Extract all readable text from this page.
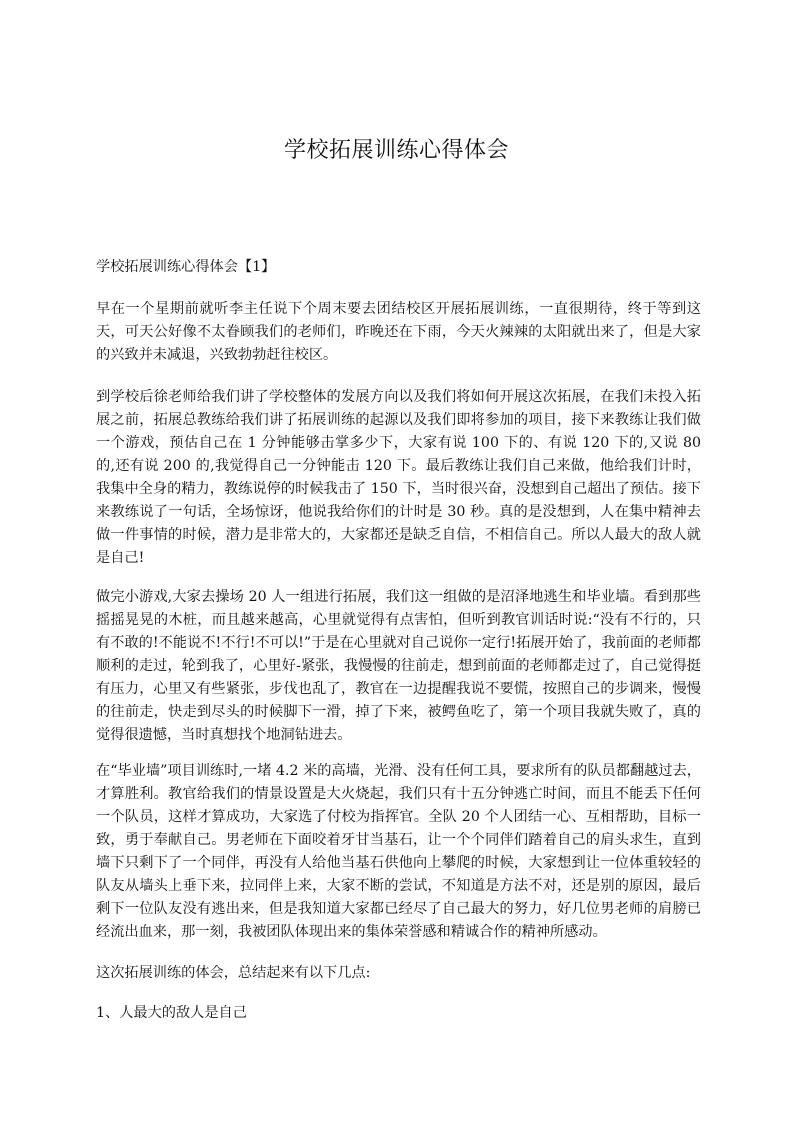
学校拓展训练心得体会

学校拓展训练心得体会【1】

早在一个星期前就听李主任说下个周末要去团结校区开展拓展训练，一直很期待，终于等到这天，可天公好像不太眷顾我们的老师们，昨晚还在下雨，今天火辣辣的太阳就出来了，但是大家的兴致并未减退，兴致勃勃赶往校区。

到学校后徐老师给我们讲了学校整体的发展方向以及我们将如何开展这次拓展，在我们未投入拓展之前，拓展总教练给我们讲了拓展训练的起源以及我们即将参加的项目，接下来教练让我们做一个游戏，预估自己在 1 分钟能够击掌多少下，大家有说 100 下的、有说 120 下的,又说 80 的,还有说 200 的,我觉得自己一分钟能击 120 下。最后教练让我们自己来做，他给我们计时，我集中全身的精力，教练说停的时候我击了 150 下，当时很兴奋，没想到自己超出了预估。接下来教练说了一句话，全场惊讶，他说我给你们的计时是 30 秒。真的是没想到，人在集中精神去做一件事情的时候，潜力是非常大的，大家都还是缺乏自信，不相信自己。所以人最大的敌人就是自己!

做完小游戏,大家去操场 20 人一组进行拓展，我们这一组做的是沼泽地逃生和毕业墙。看到那些摇摇晃晃的木桩，而且越来越高，心里就觉得有点害怕，但听到教官训话时说:“没有不行的，只有不敢的!不能说不!不行!不可以!”于是在心里就对自己说你一定行!拓展开始了，我前面的老师都顺利的走过，轮到我了，心里好-紧张，我慢慢的往前走，想到前面的老师都走过了，自己觉得挺有压力，心里又有些紧张，步伐也乱了，教官在一边提醒我说不要慌，按照自己的步调来，慢慢的往前走，快走到尽头的时候脚下一滑，掉了下来，被鳄鱼吃了，第一个项目我就失败了，真的觉得很遗憾，当时真想找个地洞钻进去。

在“毕业墙”项目训练时,一堵 4.2 米的高墙，光滑、没有任何工具，要求所有的队员都翻越过去，才算胜利。教官给我们的情景设置是大火烧起，我们只有十五分钟逃亡时间，而且不能丢下任何一个队员，这样才算成功，大家选了付校为指挥官。全队 20 个人团结一心、互相帮助，目标一致，勇于奉献自己。男老师在下面咬着牙甘当基石，让一个个同伴们踏着自己的肩头求生，直到墙下只剩下了一个同伴，再没有人给他当基石供他向上攀爬的时候，大家想到让一位体重较轻的队友从墙头上垂下来，拉同伴上来，大家不断的尝试，不知道是方法不对，还是别的原因，最后剩下一位队友没有逃出来，但是我知道大家都已经尽了自己最大的努力，好几位男老师的肩膀已经流出血来，那一刻，我被团队体现出来的集体荣誉感和精诚合作的精神所感动。

这次拓展训练的体会，总结起来有以下几点:

1、人最大的敌人是自己
